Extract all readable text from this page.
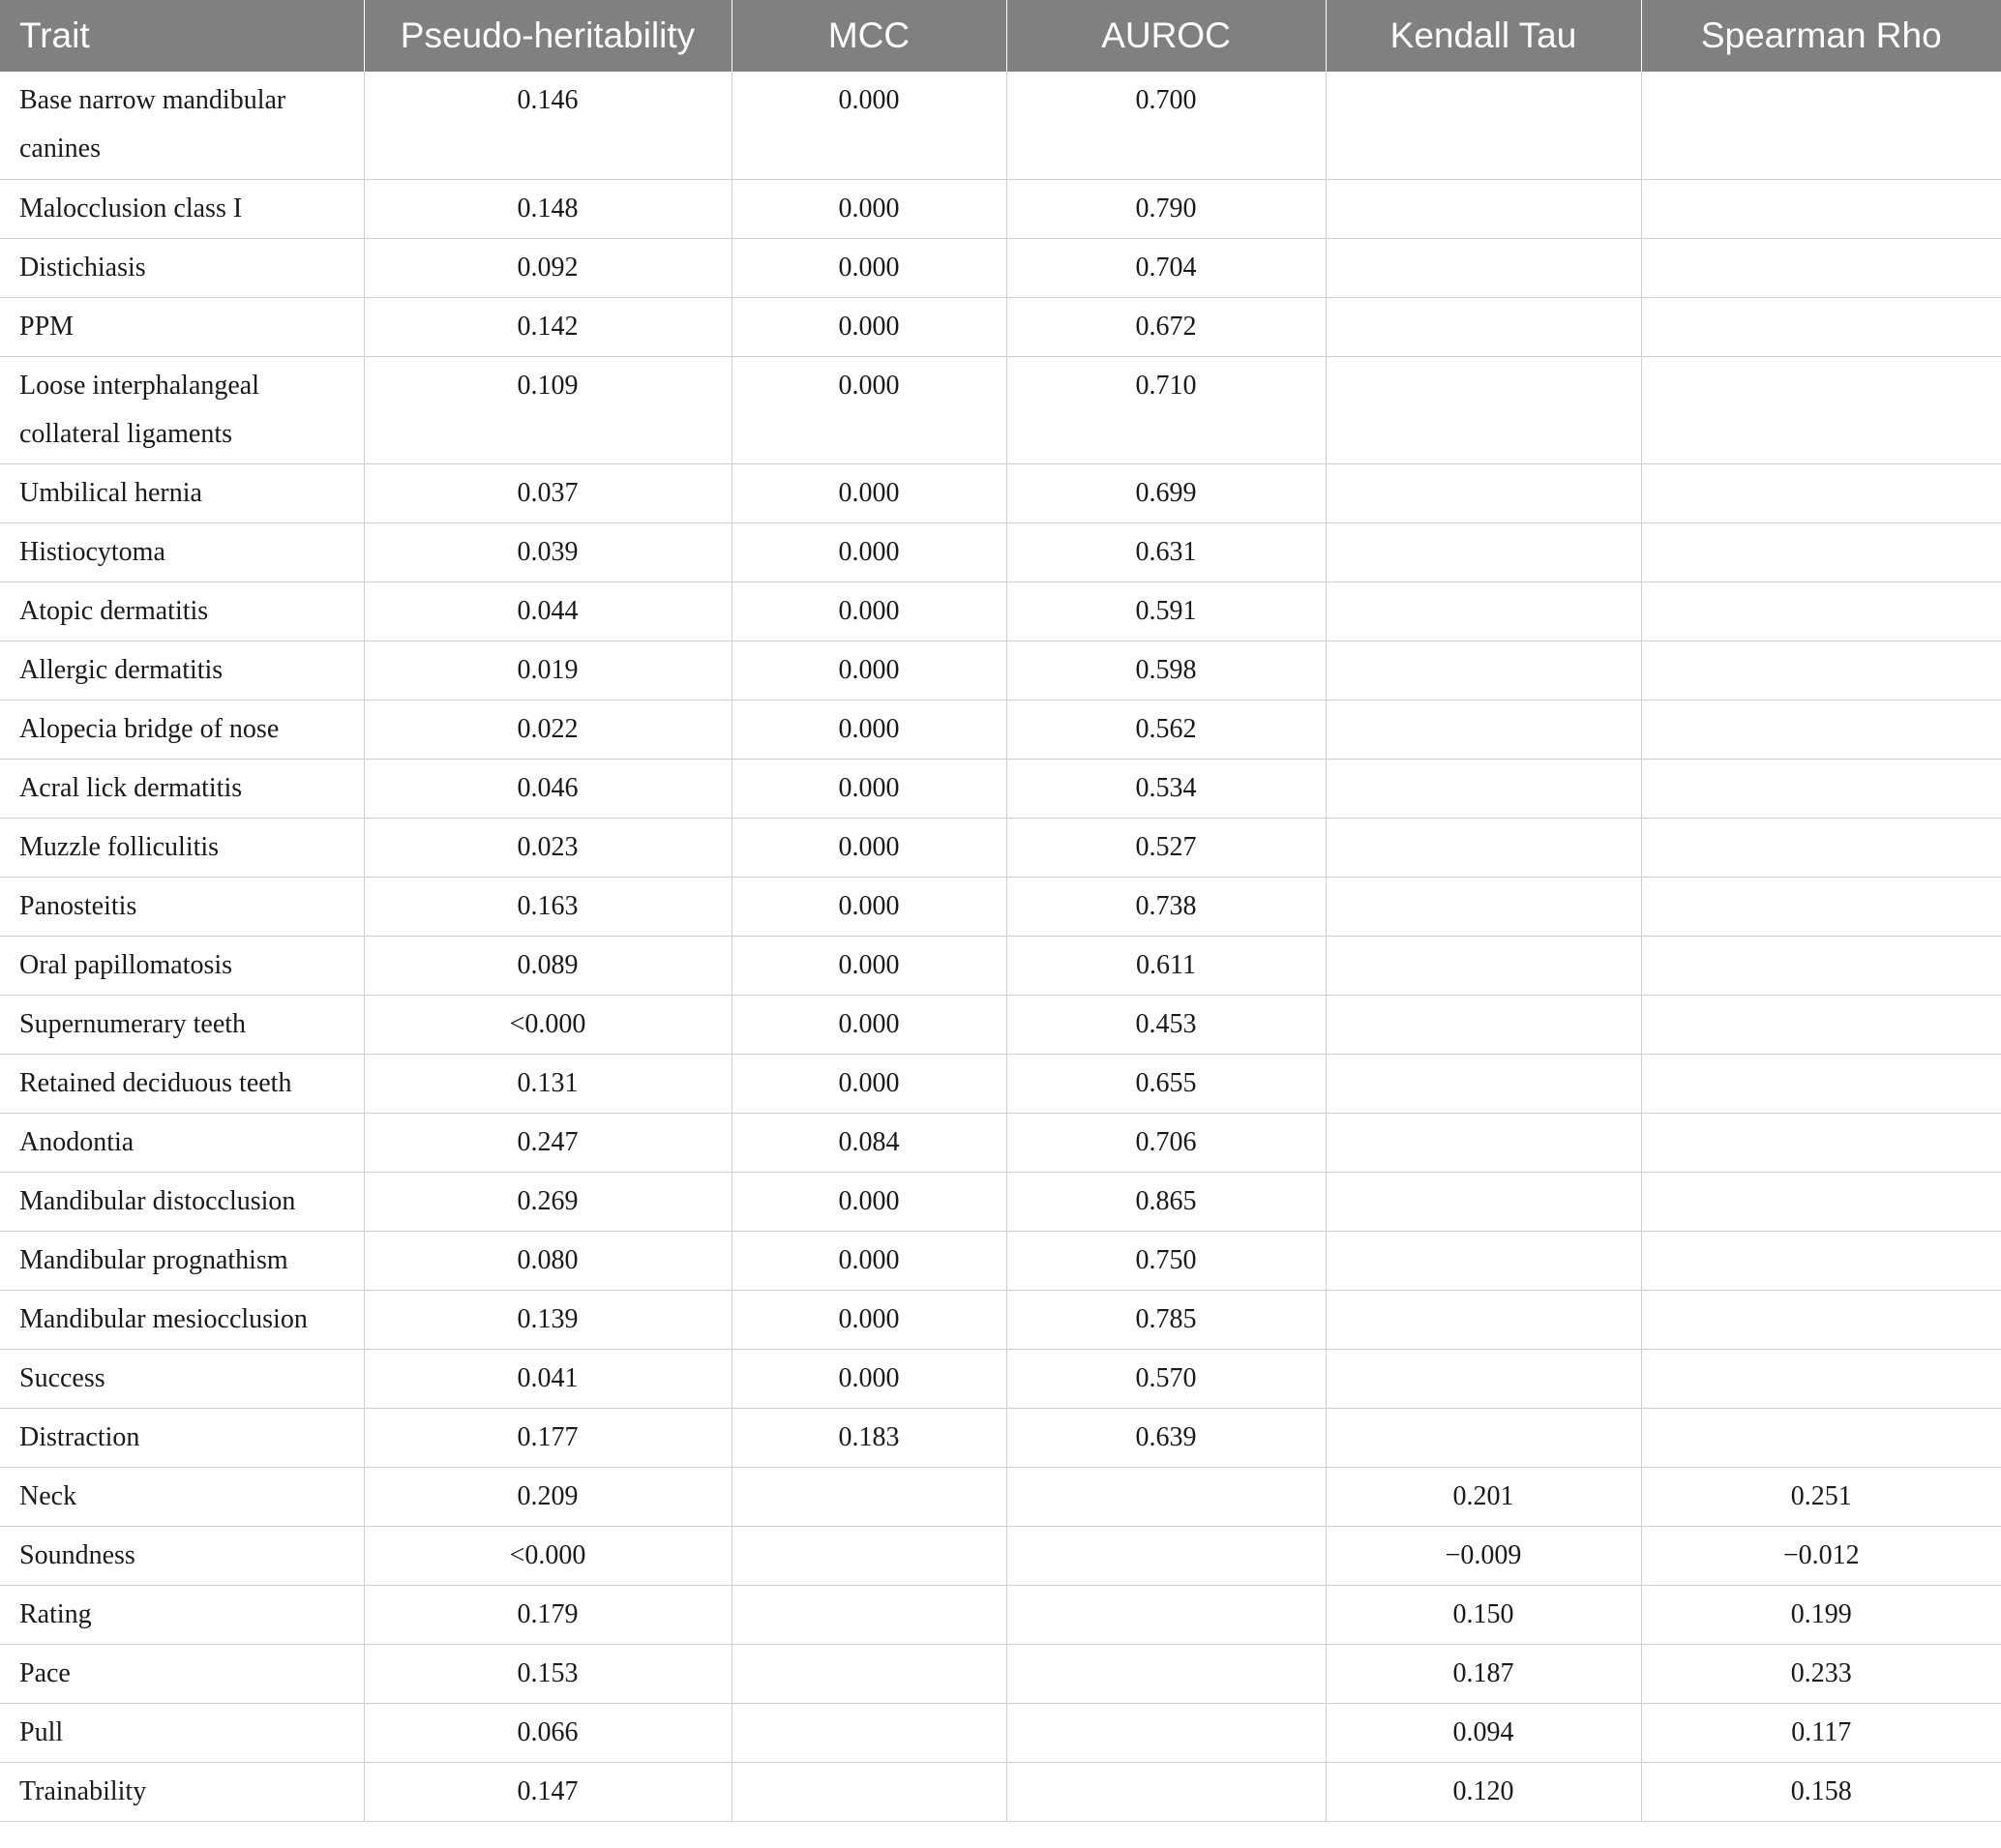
Trait	Pseudo-heritability	MCC	AUROC	Kendall Tau	Spearman Rho
Base narrow mandibular canines	0.146	0.000	0.700		
Malocclusion class I	0.148	0.000	0.790		
Distichiasis	0.092	0.000	0.704		
PPM	0.142	0.000	0.672		
Loose interphalangeal collateral ligaments	0.109	0.000	0.710		
Umbilical hernia	0.037	0.000	0.699		
Histiocytoma	0.039	0.000	0.631		
Atopic dermatitis	0.044	0.000	0.591		
Allergic dermatitis	0.019	0.000	0.598		
Alopecia bridge of nose	0.022	0.000	0.562		
Acral lick dermatitis	0.046	0.000	0.534		
Muzzle folliculitis	0.023	0.000	0.527		
Panosteitis	0.163	0.000	0.738		
Oral papillomatosis	0.089	0.000	0.611		
Supernumerary teeth	<0.000	0.000	0.453		
Retained deciduous teeth	0.131	0.000	0.655		
Anodontia	0.247	0.084	0.706		
Mandibular distocclusion	0.269	0.000	0.865		
Mandibular prognathism	0.080	0.000	0.750		
Mandibular mesiocclusion	0.139	0.000	0.785		
Success	0.041	0.000	0.570		
Distraction	0.177	0.183	0.639		
Neck	0.209			0.201	0.251
Soundness	<0.000			−0.009	−0.012
Rating	0.179			0.150	0.199
Pace	0.153			0.187	0.233
Pull	0.066			0.094	0.117
Trainability	0.147			0.120	0.158
